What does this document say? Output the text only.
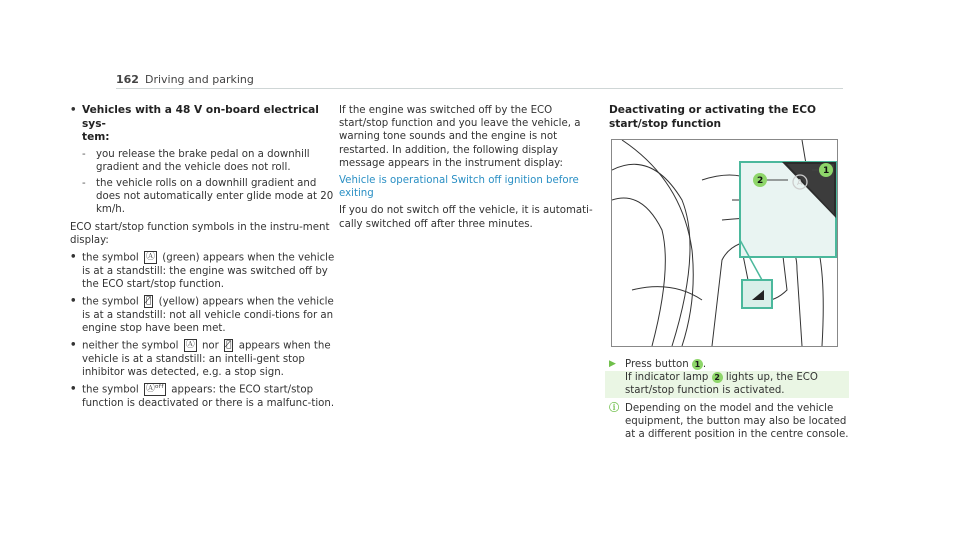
162 Driving and parking
• Vehicles with a 48 V on-board electrical sys-
tem:
-	you release the brake pedal on a downhill gradient and the vehicle does not roll.
-	the vehicle rolls on a downhill gradient and does not automatically enter glide mode at 20 km/h.

ECO start/stop function symbols in the instru-ment display:

• the symbol Ⓐ (green) appears when the vehicle is at a standstill: the engine was switched off by the ECO start/stop function.
• the symbol Ⓐ̸ (yellow) appears when the vehicle is at a standstill: not all vehicle condi-tions for an engine stop have been met.
• neither the symbol Ⓐ nor Ⓐ̸ appears when the vehicle is at a standstill: an intelli-gent stop inhibitor was detected, e.g. a stop sign.
• the symbol Ⓐᵒᶠᶠ appears: the ECO start/stop function is deactivated or there is a malfunc-tion.

If the engine was switched off by the ECO start/stop function and you leave the vehicle, a warning tone sounds and the engine is not restarted. In addition, the following display message appears in the instrument display:

Vehicle is operational Switch off ignition before exiting

If you do not switch off the vehicle, it is automati-cally switched off after three minutes.

Deactivating or activating the ECO start/stop function
A
1
2
▶ Press button 1 .
If indicator lamp 2 lights up, the ECO start/stop function is activated.
ⓘ Depending on the model and the vehicle equipment, the button may also be located at a different position in the centre console.
